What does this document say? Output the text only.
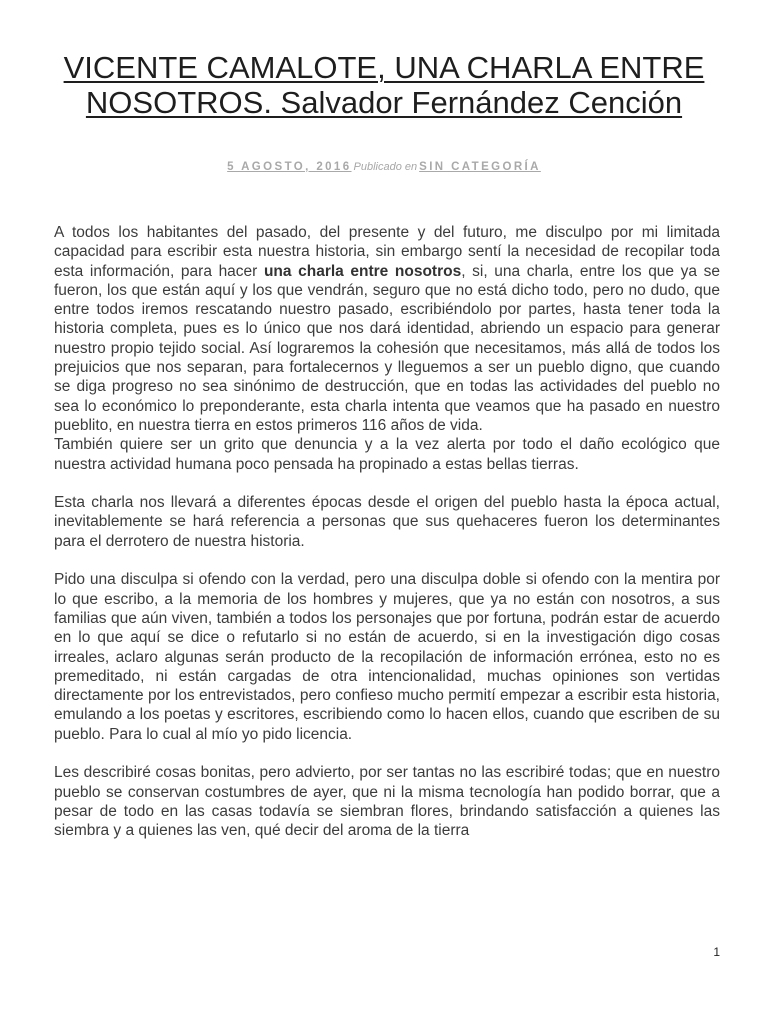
VICENTE CAMALOTE, UNA CHARLA ENTRE NOSOTROS. Salvador Fernández Cención
5 AGOSTO, 2016 Publicado en SIN CATEGORÍA

A todos los habitantes del pasado, del presente y del futuro, me disculpo por mi limitada capacidad para escribir esta nuestra historia, sin embargo sentí la necesidad de recopilar toda esta información, para hacer una charla entre nosotros, si, una charla, entre los que ya se fueron, los que están aquí y los que vendrán, seguro que no está dicho todo, pero no dudo, que entre todos iremos rescatando nuestro pasado, escribiéndolo por partes, hasta tener toda la historia completa, pues es lo único que nos dará identidad, abriendo un espacio para generar nuestro propio tejido social. Así lograremos la cohesión que necesitamos, más allá de todos los prejuicios que nos separan, para fortalecernos y lleguemos a ser un pueblo digno, que cuando se diga progreso no sea sinónimo de destrucción, que en todas las actividades del pueblo no sea lo económico lo preponderante, esta charla intenta que veamos que ha pasado en nuestro pueblito, en nuestra tierra en estos primeros 116 años de vida.

También quiere ser un grito que denuncia y a la vez alerta por todo el daño ecológico que nuestra actividad humana poco pensada ha propinado a estas bellas tierras.

Esta charla nos llevará a diferentes épocas desde el origen del pueblo hasta la época actual, inevitablemente se hará referencia a personas que sus quehaceres fueron los determinantes para el derrotero de nuestra historia.

Pido una disculpa si ofendo con la verdad, pero una disculpa doble si ofendo con la mentira por lo que escribo, a la memoria de los hombres y mujeres, que ya no están con nosotros, a sus familias que aún viven, también a todos los personajes que por fortuna, podrán estar de acuerdo en lo que aquí se dice o refutarlo si no están de acuerdo, si en la investigación digo cosas irreales, aclaro algunas serán producto de la recopilación de información errónea, esto no es premeditado, ni están cargadas de otra intencionalidad, muchas opiniones son vertidas directamente por los entrevistados, pero confieso mucho permití empezar a escribir esta historia, emulando a los poetas y escritores, escribiendo como lo hacen ellos, cuando que escriben de su pueblo. Para lo cual al mío yo pido licencia.

Les describiré cosas bonitas, pero advierto, por ser tantas no las escribiré todas; que en nuestro pueblo se conservan costumbres de ayer, que ni la misma tecnología han podido borrar, que a pesar de todo en las casas todavía se siembran flores, brindando satisfacción a quienes las siembra y a quienes las ven, qué decir del aroma de la tierra

1
